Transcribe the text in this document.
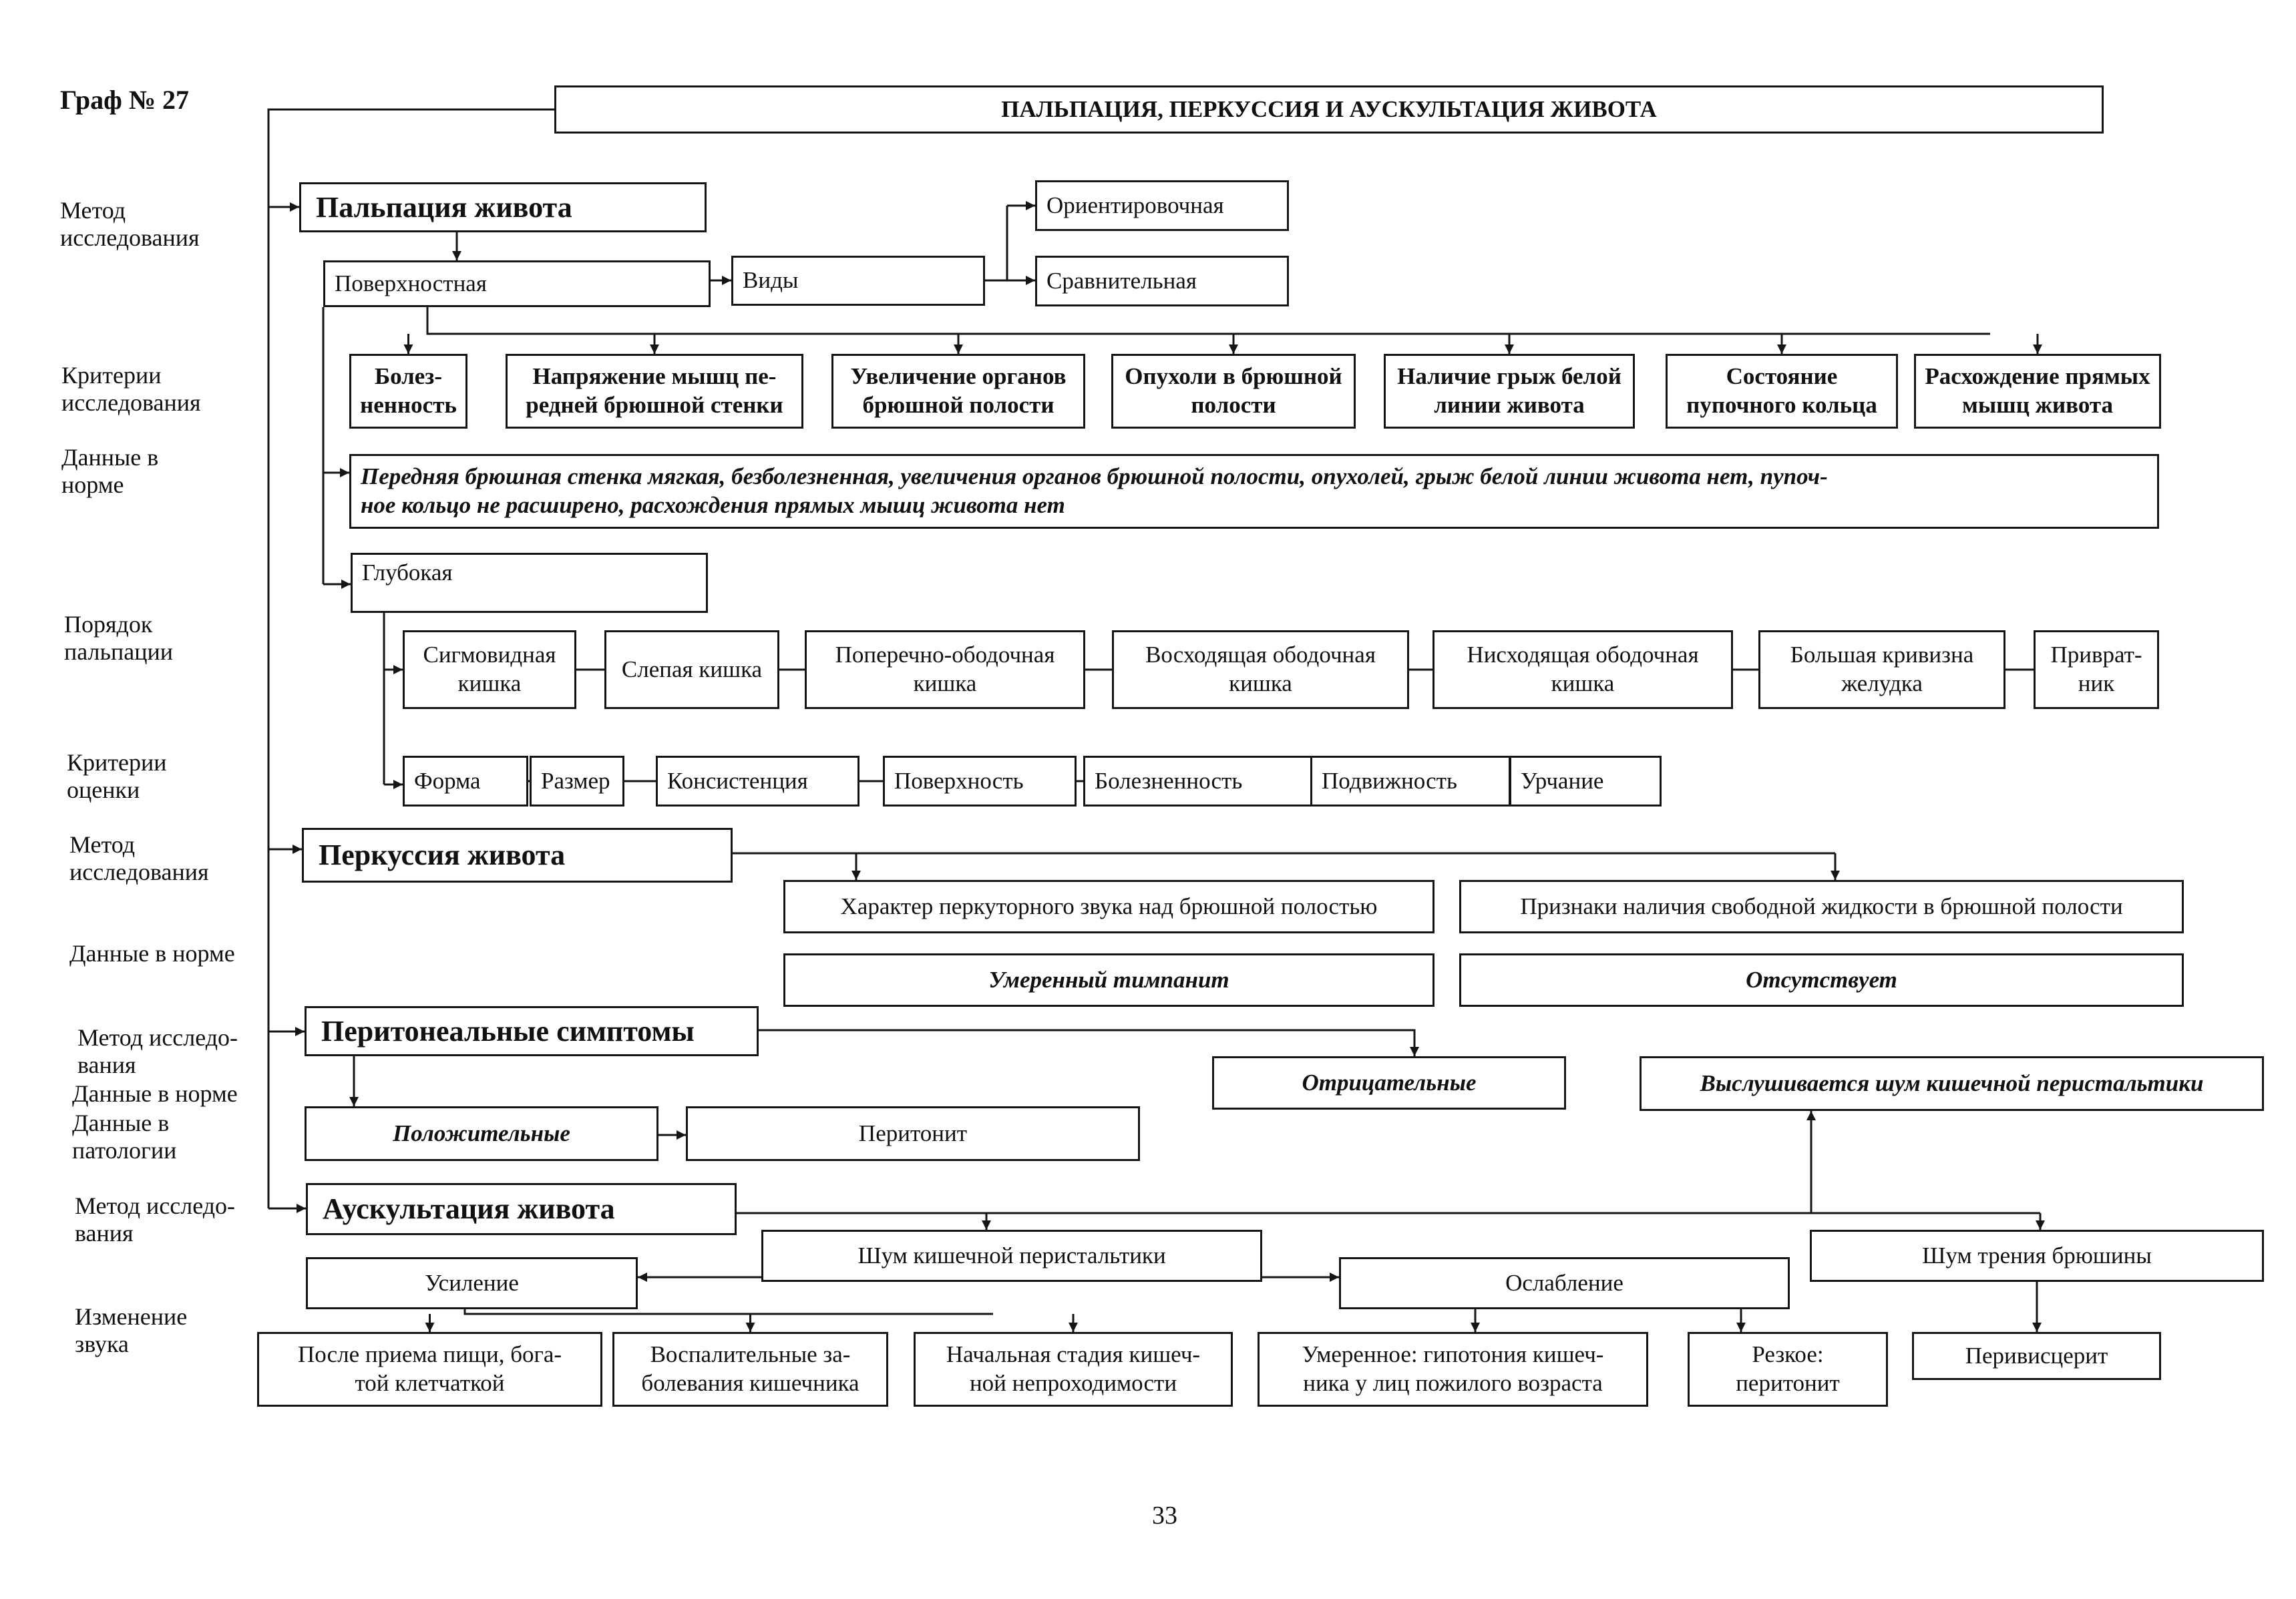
Граф № 27
33
ПАЛЬПАЦИЯ, ПЕРКУССИЯ И АУСКУЛЬТАЦИЯ ЖИВОТА
Метод
исследования
Критерии
исследования
Данные в
норме
Порядок
пальпации
Критерии
оценки
Метод
исследования
Данные в норме
Метод исследо-
вания
Данные в норме
Данные в
патологии
Метод исследо-
вания
Изменение
звука
Пальпация живота
Поверхностная	Виды
Ориентировочная
Сравнительная
Болез-
ненность
Напряжение мышц пе-
редней брюшной стенки
Увеличение органов
брюшной полости
Опухоли в брюшной
полости
Наличие грыж белой
линии живота
Состояние
пупочного кольца
Расхождение прямых
мышц живота
Передняя брюшная стенка мягкая, безболезненная, увеличения органов брюшной полости, опухолей, грыж белой линии живота нет, пупоч-
ное кольцо не расширено, расхождения прямых мышц живота нет
Глубокая
Сигмовидная
кишка
Слепая кишка
Поперечно-ободочная
кишка
Восходящая ободочная
кишка
Нисходящая ободочная
кишка
Большая кривизна
желудка
Приврат-
ник
Форма	Размер Консистенция	Поверхность	Болезненность	Подвижность	Урчание
Перкуссия живота
Характер перкуторного звука над брюшной полостью	Признаки наличия свободной жидкости в брюшной полости
Умеренный тимпанит	Отсутствует
Перитонеальные симптомы
Отрицательные
Положительные	Перитонит
Аускультация живота
Шум кишечной перистальтики	Шум трения брюшины
Выслушивается шум кишечной перистальтики
Усиление	Ослабление
После приема пищи, бога-
той клетчаткой
Воспалительные за-
болевания кишечника
Начальная стадия кишеч-
ной непроходимости
Умеренное: гипотония кишеч-
ника у лиц пожилого возраста
Резкое:
перитонит
Перивисцерит
